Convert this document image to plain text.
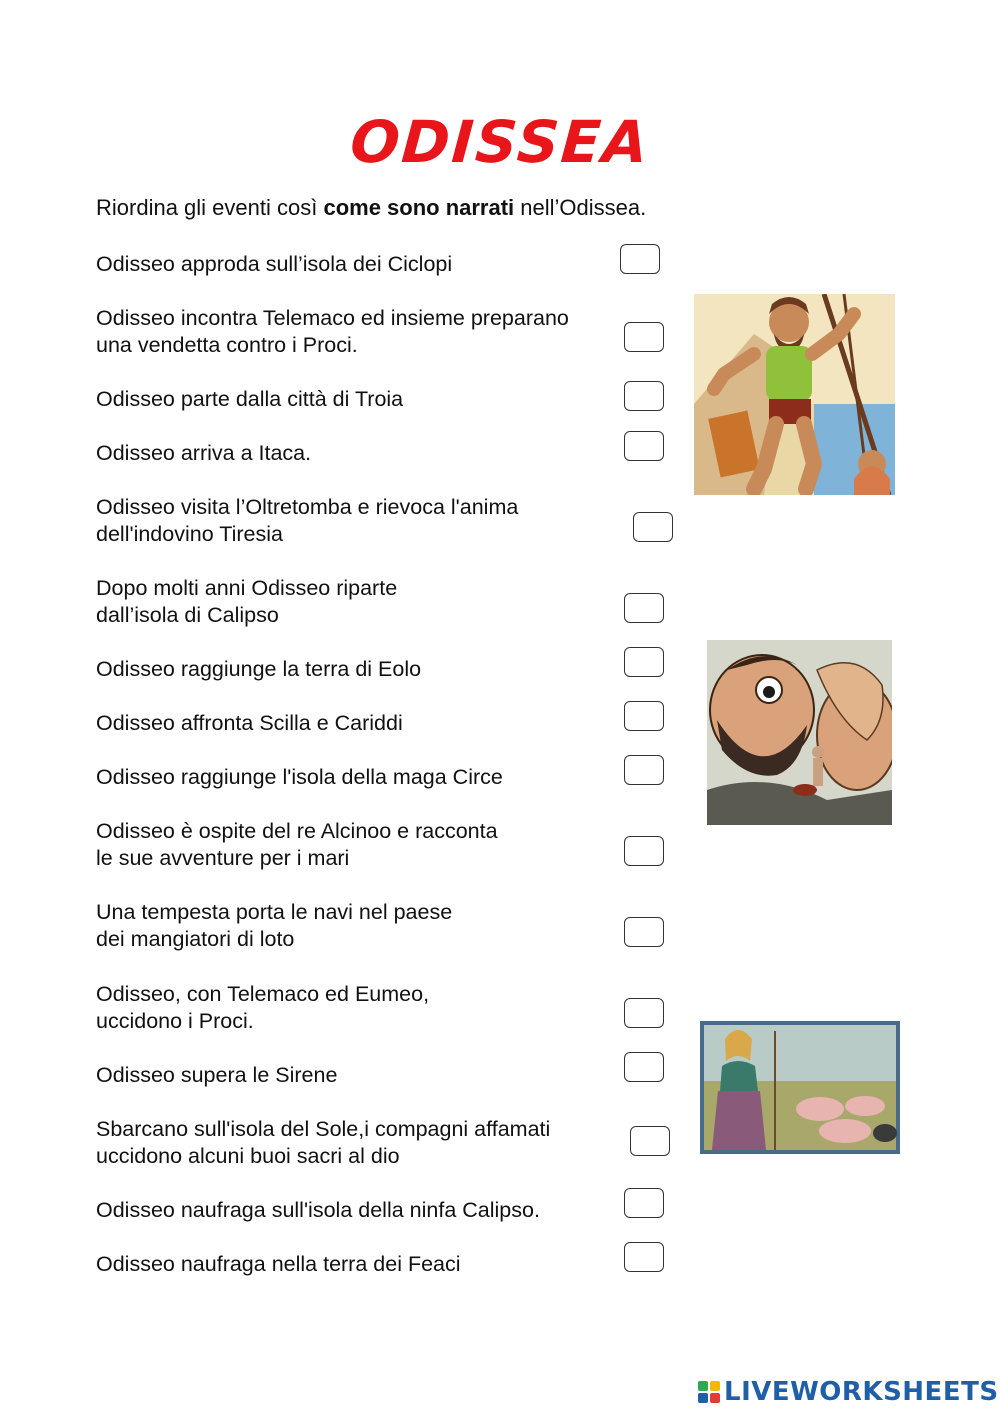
ODISSEA
Riordina gli eventi così come sono narrati nell’Odissea.
Odisseo approda sull’isola dei Ciclopi
Odisseo incontra Telemaco ed insieme preparano
una vendetta contro i Proci.
Odisseo parte dalla città di Troia
Odisseo arriva a Itaca.
Odisseo visita l’Oltretomba e rievoca l'anima
dell'indovino Tiresia
Dopo molti anni Odisseo riparte
dall’isola di Calipso
Odisseo raggiunge la terra di Eolo
Odisseo affronta Scilla e Cariddi
Odisseo raggiunge l'isola della maga Circe
Odisseo è ospite del re Alcinoo e racconta
le sue avventure per i mari
Una tempesta porta le navi nel paese
dei mangiatori di loto
Odisseo, con Telemaco ed Eumeo,
uccidono i Proci.
Odisseo supera le Sirene
Sbarcano sull'isola del Sole,i compagni affamati
uccidono alcuni buoi sacri al dio
Odisseo naufraga sull'isola della ninfa Calipso.
Odisseo naufraga nella terra dei Feaci
LIVEWORKSHEETS
